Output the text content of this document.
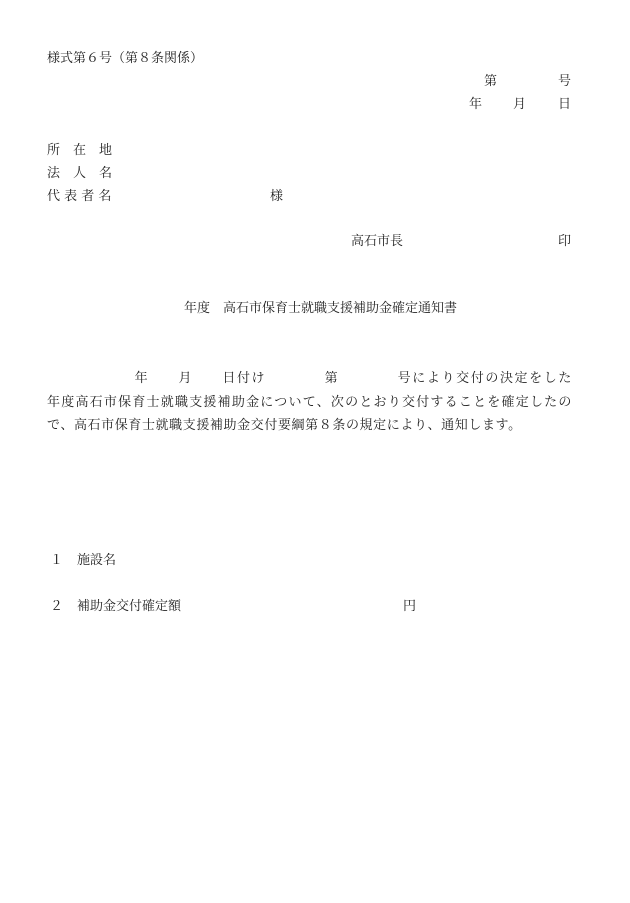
様式第６号（第８条関係）
第	号
年 月 日
所　在　地
法　人　名
代 表 者 名	様
高石市長	印
年度　高石市保育士就職支援補助金確定通知書
　　　　　　年　　月　　日付け　　　　第　　　　号により交付の決定をした　　年度高石市保育士就職支援補助金について、次のとおり交付することを確定したので、高石市保育士就職支援補助金交付要綱第８条の規定により、通知します。
１ 施設名
２ 補助金交付確定額	円
